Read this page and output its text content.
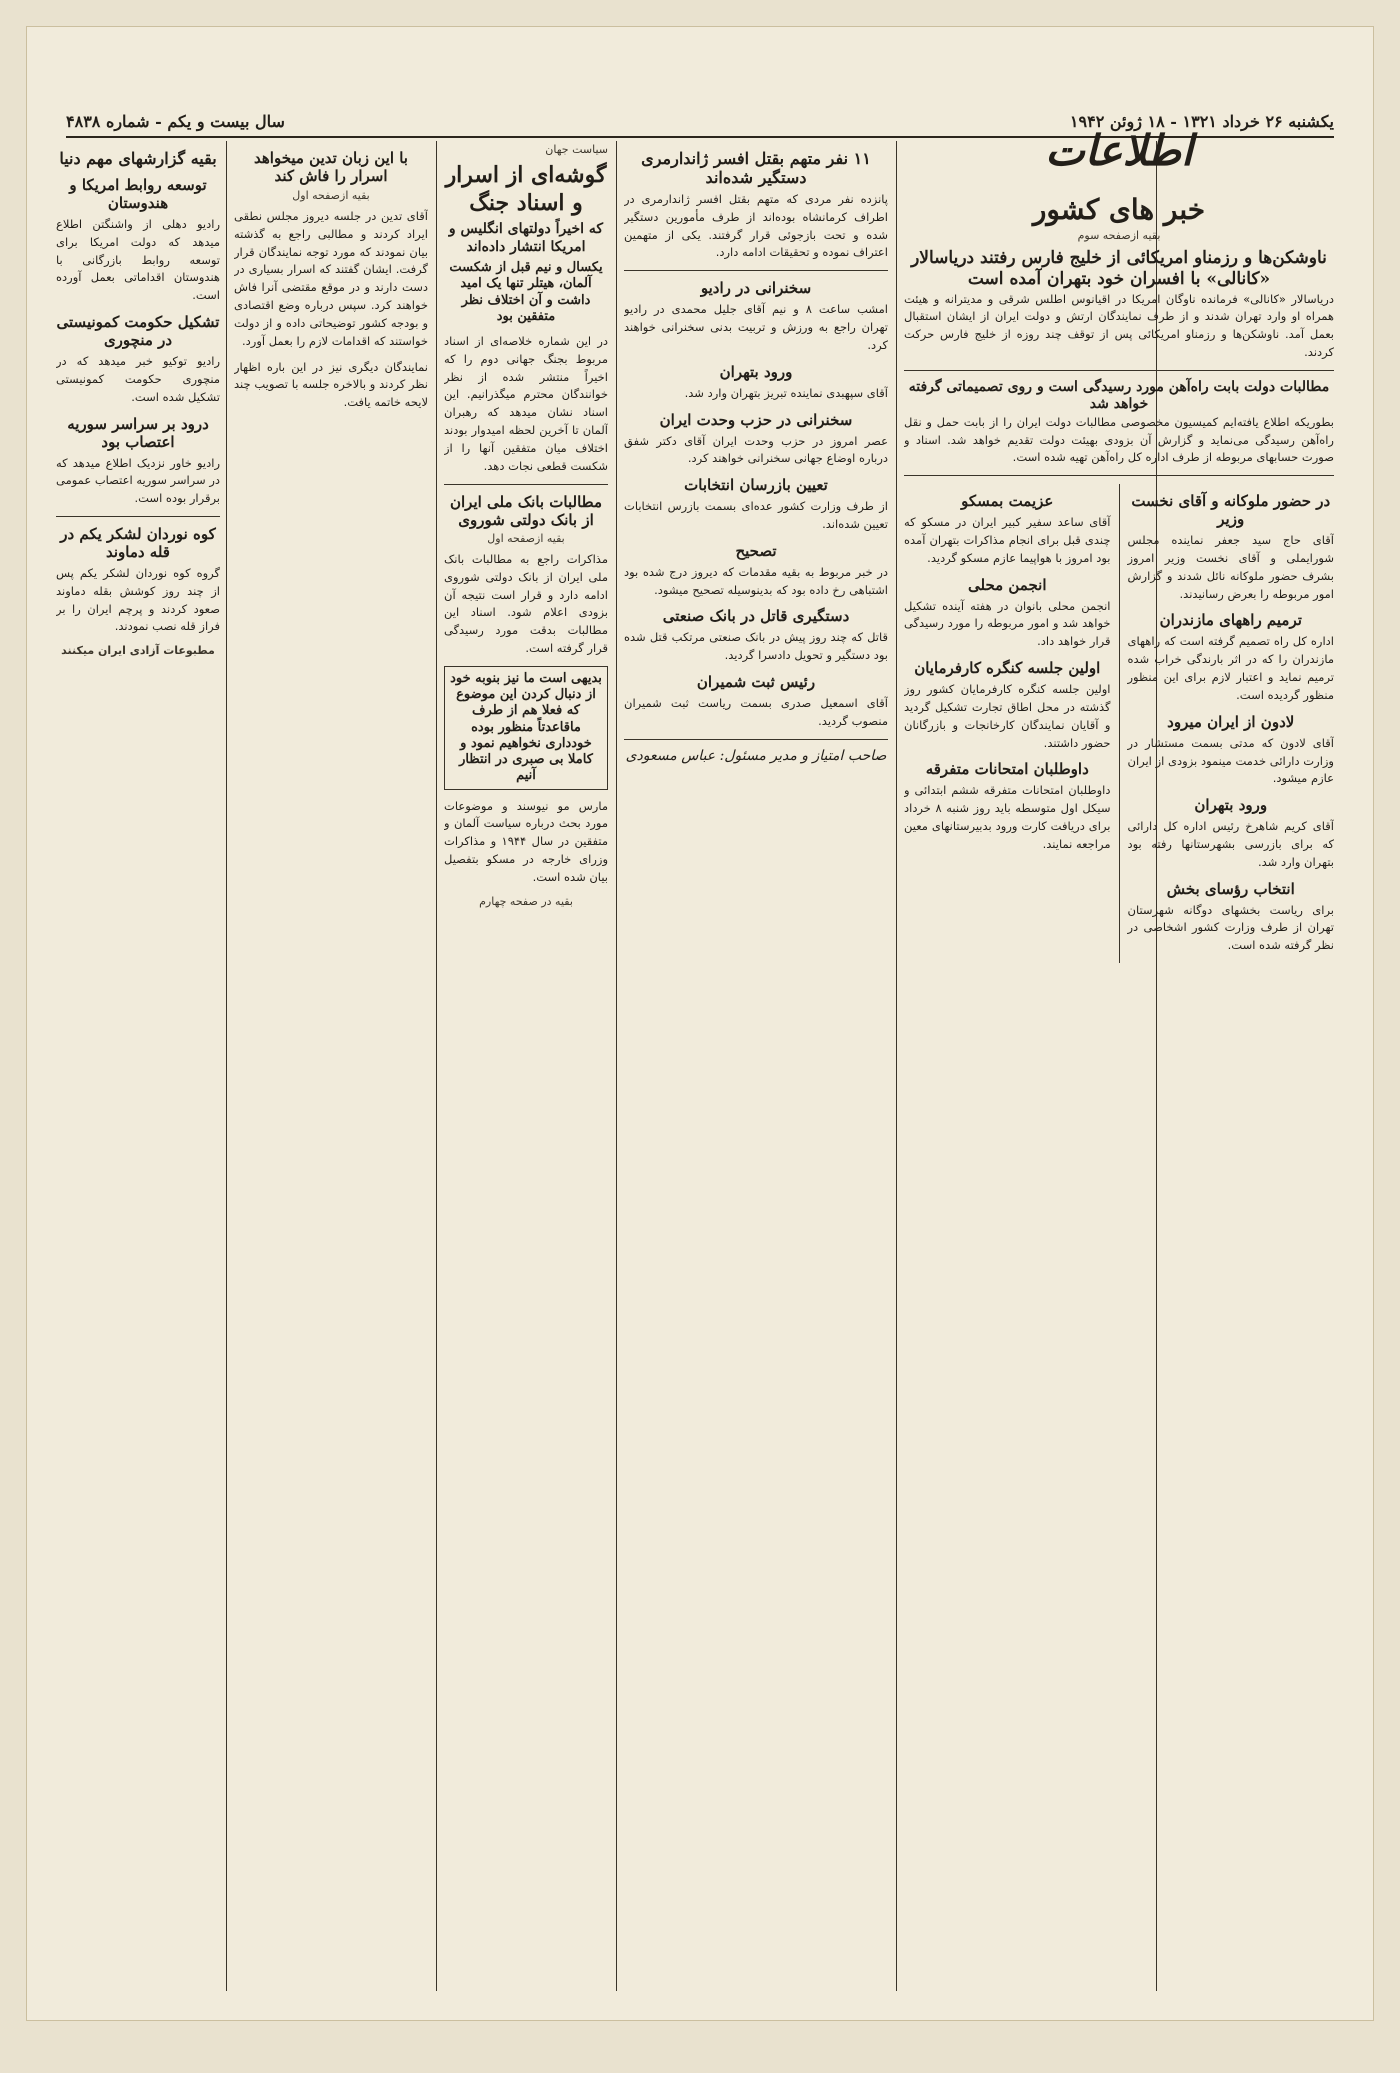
یکشنبه ۲۶ خرداد ۱۳۲۱ - ۱۸ ژوئن ۱۹۴۲
سال بیست و یکم - شماره ۴۸۳۸
اطلاعات
خبر های کشور
بقیه ازصفحه سوم
ناوشکن‌ها و رزمناو امریکائی از خلیج فارس رفتند دریاسالار «کانالی» با افسران خود بتهران آمده است

دریاسالار «کانالی» فرمانده ناوگان امریکا در اقیانوس اطلس شرقی و مدیترانه و هیئت همراه او وارد تهران شدند و از طرف نمایندگان ارتش و دولت ایران از ایشان استقبال بعمل آمد. ناوشکن‌ها و رزمناو امریکائی پس از توقف چند روزه از خلیج فارس حرکت کردند.

مطالبات دولت بابت راه‌آهن مورد رسیدگی است و روی تصمیماتی گرفته خواهد شد

بطوریکه اطلاع یافته‌ایم کمیسیون مخصوصی مطالبات دولت ایران را از بابت حمل و نقل راه‌آهن رسیدگی می‌نماید و گزارش آن بزودی بهیئت دولت تقدیم خواهد شد. اسناد و صورت حسابهای مربوطه از طرف اداره کل راه‌آهن تهیه شده است.

در حضور ملوکانه و آقای نخست وزیر

آقای حاج سید جعفر نماینده مجلس شورایملی و آقای نخست وزیر امروز بشرف حضور ملوکانه نائل شدند و گزارش امور مربوطه را بعرض رسانیدند.

ترمیم راههای مازندران

اداره کل راه تصمیم گرفته است که راههای مازندران را که در اثر بارندگی خراب شده ترمیم نماید و اعتبار لازم برای این منظور منظور گردیده است.

لادون از ایران میرود

آقای لادون که مدتی بسمت مستشار در وزارت دارائی خدمت مینمود بزودی از ایران عازم میشود.

ورود بتهران

آقای کریم شاهرخ رئیس اداره کل دارائی که برای بازرسی بشهرستانها رفته بود بتهران وارد شد.

انتخاب رؤسای بخش

برای ریاست بخشهای دوگانه شهرستان تهران از طرف وزارت کشور اشخاصی در نظر گرفته شده است.

عزیمت بمسکو

آقای ساعد سفیر کبیر ایران در مسکو که چندی قبل برای انجام مذاکرات بتهران آمده بود امروز با هواپیما عازم مسکو گردید.

انجمن محلی

انجمن محلی بانوان در هفته آینده تشکیل خواهد شد و امور مربوطه را مورد رسیدگی قرار خواهد داد.

اولین جلسه کنگره کارفرمایان

اولین جلسه کنگره کارفرمایان کشور روز گذشته در محل اطاق تجارت تشکیل گردید و آقایان نمایندگان کارخانجات و بازرگانان حضور داشتند.

داوطلبان امتحانات متفرقه

داوطلبان امتحانات متفرقه ششم ابتدائی و سیکل اول متوسطه باید روز شنبه ۸ خرداد برای دریافت کارت ورود بدبیرستانهای معین مراجعه نمایند.

۱۱ نفر متهم بقتل افسر ژاندارمری دستگیر شده‌اند

پانزده نفر مردی که متهم بقتل افسر ژاندارمری در اطراف کرمانشاه بوده‌اند از طرف مأمورین دستگیر شده و تحت بازجوئی قرار گرفتند. یکی از متهمین اعتراف نموده و تحقیقات ادامه دارد.

سخنرانی در رادیو

امشب ساعت ۸ و نیم آقای جلیل محمدی در رادیو تهران راجع به ورزش و تربیت بدنی سخنرانی خواهند کرد.

ورود بتهران

آقای سپهبدی نماینده تبریز بتهران وارد شد.

سخنرانی در حزب وحدت ایران

عصر امروز در حزب وحدت ایران آقای دکتر شفق درباره اوضاع جهانی سخنرانی خواهند کرد.

تعیین بازرسان انتخابات

از طرف وزارت کشور عده‌ای بسمت بازرس انتخابات تعیین شده‌اند.

تصحیح

در خبر مربوط به بقیه مقدمات که دیروز درج شده بود اشتباهی رخ داده بود که بدینوسیله تصحیح میشود.

دستگیری قاتل در بانک صنعتی

قاتل که چند روز پیش در بانک صنعتی مرتکب قتل شده بود دستگیر و تحویل دادسرا گردید.

رئیس ثبت شمیران

آقای اسمعیل صدری بسمت ریاست ثبت شمیران منصوب گردید.

صاحب امتیاز و مدیر مسئول: عباس مسعودی
سیاست جهان
گوشه‌ای از اسرار و اسناد جنگ
که اخیراً دولتهای انگلیس و امریکا انتشار داده‌اند
یکسال و نیم قبل از شکست آلمان، هیتلر تنها یک امید داشت و آن اختلاف نظر متفقین بود

در این شماره خلاصه‌ای از اسناد مربوط بجنگ جهانی دوم را که اخیراً منتشر شده از نظر خوانندگان محترم میگذرانیم. این اسناد نشان میدهد که رهبران آلمان تا آخرین لحظه امیدوار بودند اختلاف میان متفقین آنها را از شکست قطعی نجات دهد.

مطالبات بانک ملی ایران از بانک دولتی شوروی
بقیه ازصفحه اول

مذاکرات راجع به مطالبات بانک ملی ایران از بانک دولتی شوروی ادامه دارد و قرار است نتیجه آن بزودی اعلام شود. اسناد این مطالبات بدقت مورد رسیدگی قرار گرفته است.

بدیهی است ما نیز بنوبه خود از دنبال کردن این موضوع که فعلا هم از طرف ماقاعدتاً منظور بوده خودداری نخواهیم نمود و کاملا بی صبری در انتظار آنیم

مارس مو نیوسند و موضوعات مورد بحث درباره سیاست آلمان و متفقین در سال ۱۹۴۴ و مذاکرات وزرای خارجه در مسکو بتفصیل بیان شده است.

بقیه در صفحه چهارم
با این زبان تدین میخواهد اسرار را فاش کند
بقیه ازصفحه اول

آقای تدین در جلسه دیروز مجلس نطقی ایراد کردند و مطالبی راجع به گذشته بیان نمودند که مورد توجه نمایندگان قرار گرفت. ایشان گفتند که اسرار بسیاری در دست دارند و در موقع مقتضی آنرا فاش خواهند کرد. سپس درباره وضع اقتصادی و بودجه کشور توضیحاتی داده و از دولت خواستند که اقدامات لازم را بعمل آورد.

نمایندگان دیگری نیز در این باره اظهار نظر کردند و بالاخره جلسه با تصویب چند لایحه خاتمه یافت.

بقیه گزارشهای مهم دنیا
توسعه روابط امریکا و هندوستان

رادیو دهلی از واشنگتن اطلاع میدهد که دولت امریکا برای توسعه روابط بازرگانی با هندوستان اقداماتی بعمل آورده است.

تشکیل حکومت کمونیستی در منچوری

رادیو توکیو خبر میدهد که در منچوری حکومت کمونیستی تشکیل شده است.

درود بر سراسر سوریه اعتصاب بود

رادیو خاور نزدیک اطلاع میدهد که در سراسر سوریه اعتصاب عمومی برقرار بوده است.

کوه نوردان لشکر یکم در قله دماوند

گروه کوه نوردان لشکر یکم پس از چند روز کوشش بقله دماوند صعود کردند و پرچم ایران را بر فراز قله نصب نمودند.

مطبوعات آزادی ایران میکنند
